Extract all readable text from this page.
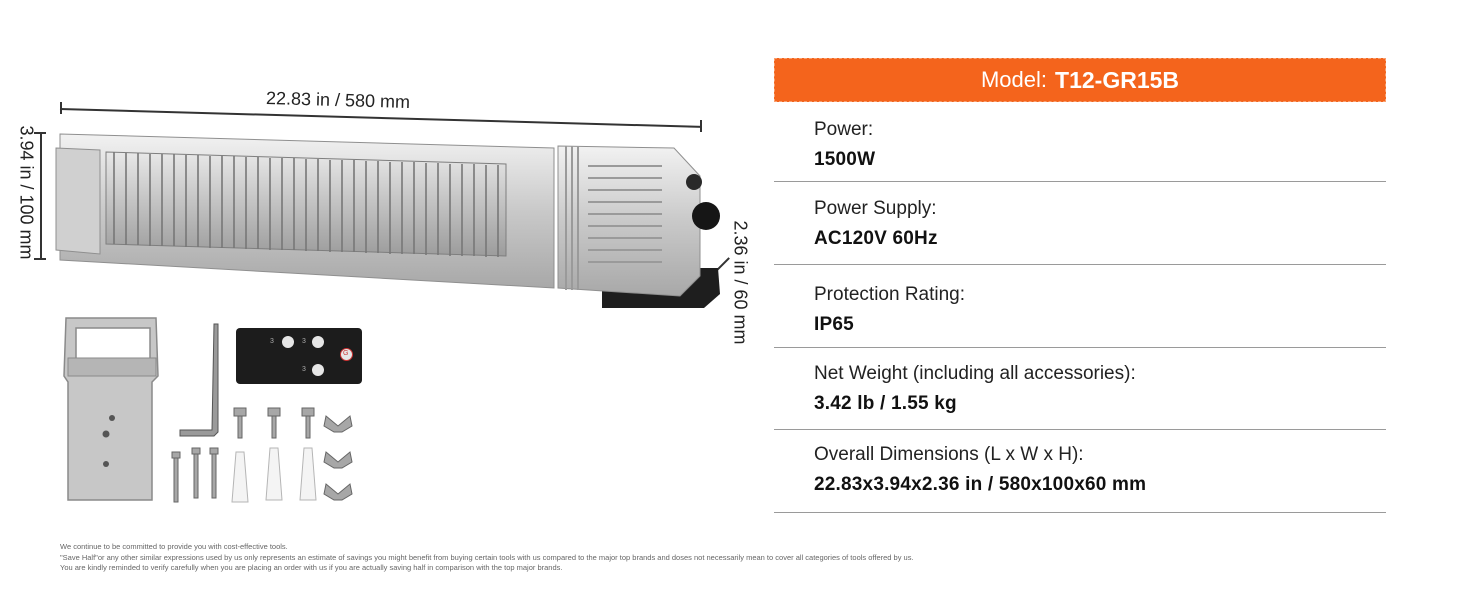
22.83 in / 580 mm
3.94 in / 100 mm
2.36 in / 60 mm
3	3
3
G
Model: T12-GR15B
Power:
1500W
Power Supply:
AC120V 60Hz
Protection Rating:
IP65
Net Weight (including all accessories):
3.42 lb / 1.55 kg
Overall Dimensions (L x W x H):
22.83x3.94x2.36 in / 580x100x60 mm
We continue to be committed to provide you with cost-effective tools.
"Save Half"or any other similar expressions used by us only represents an estimate of savings you might benefit from buying certain tools with us compared to the major top brands and doses not necessarily mean to cover all categories of tools offered by us.
You are kindly reminded to verify carefully when you are placing an order with us if you are actually saving half in comparison with the top major brands.
